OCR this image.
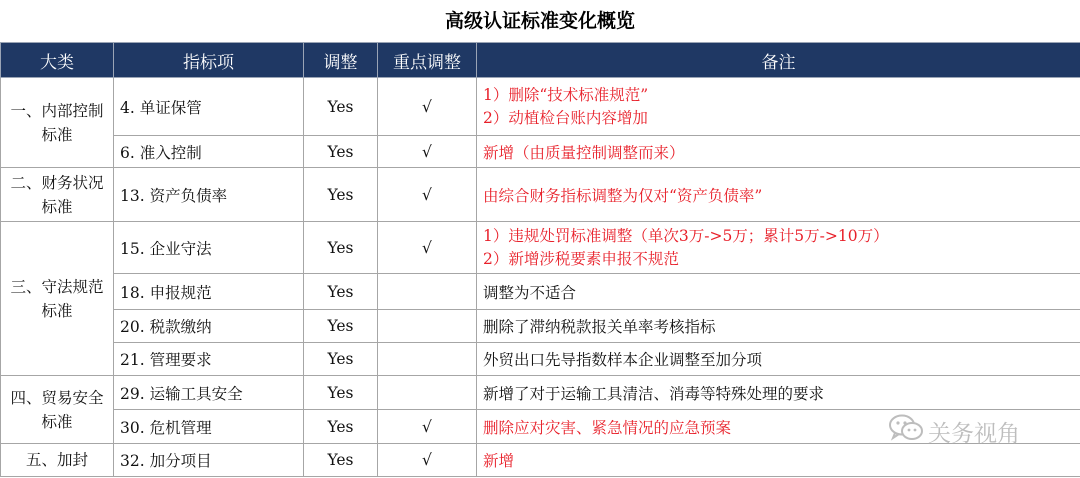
高级认证标准变化概览
大类	指标项	调整	重点调整	备注
一、内部控制标准	4. 单证保管	Yes	√	1）删除“技术标准规范”
2）动植检台账内容增加

	6. 准入控制	Yes	√	新增（由质量控制调整而来）
二、财务状况标准	13. 资产负债率	Yes	√	由综合财务指标调整为仅对“资产负债率”
三、守法规范标准	15. 企业守法	Yes	√	1）违规处罚标准调整（单次3万->5万；累计5万->10万）
2）新增涉税要素申报不规范

	18. 申报规范	Yes		调整为不适合
	20. 税款缴纳	Yes		删除了滞纳税款报关单率考核指标
	21. 管理要求	Yes		外贸出口先导指数样本企业调整至加分项
四、贸易安全标准	29. 运输工具安全	Yes		新增了对于运输工具清洁、消毒等特殊处理的要求
	30. 危机管理	Yes	√	删除应对灾害、紧急情况的应急预案
五、加封	32. 加分项目	Yes	√	新增
关务视角
